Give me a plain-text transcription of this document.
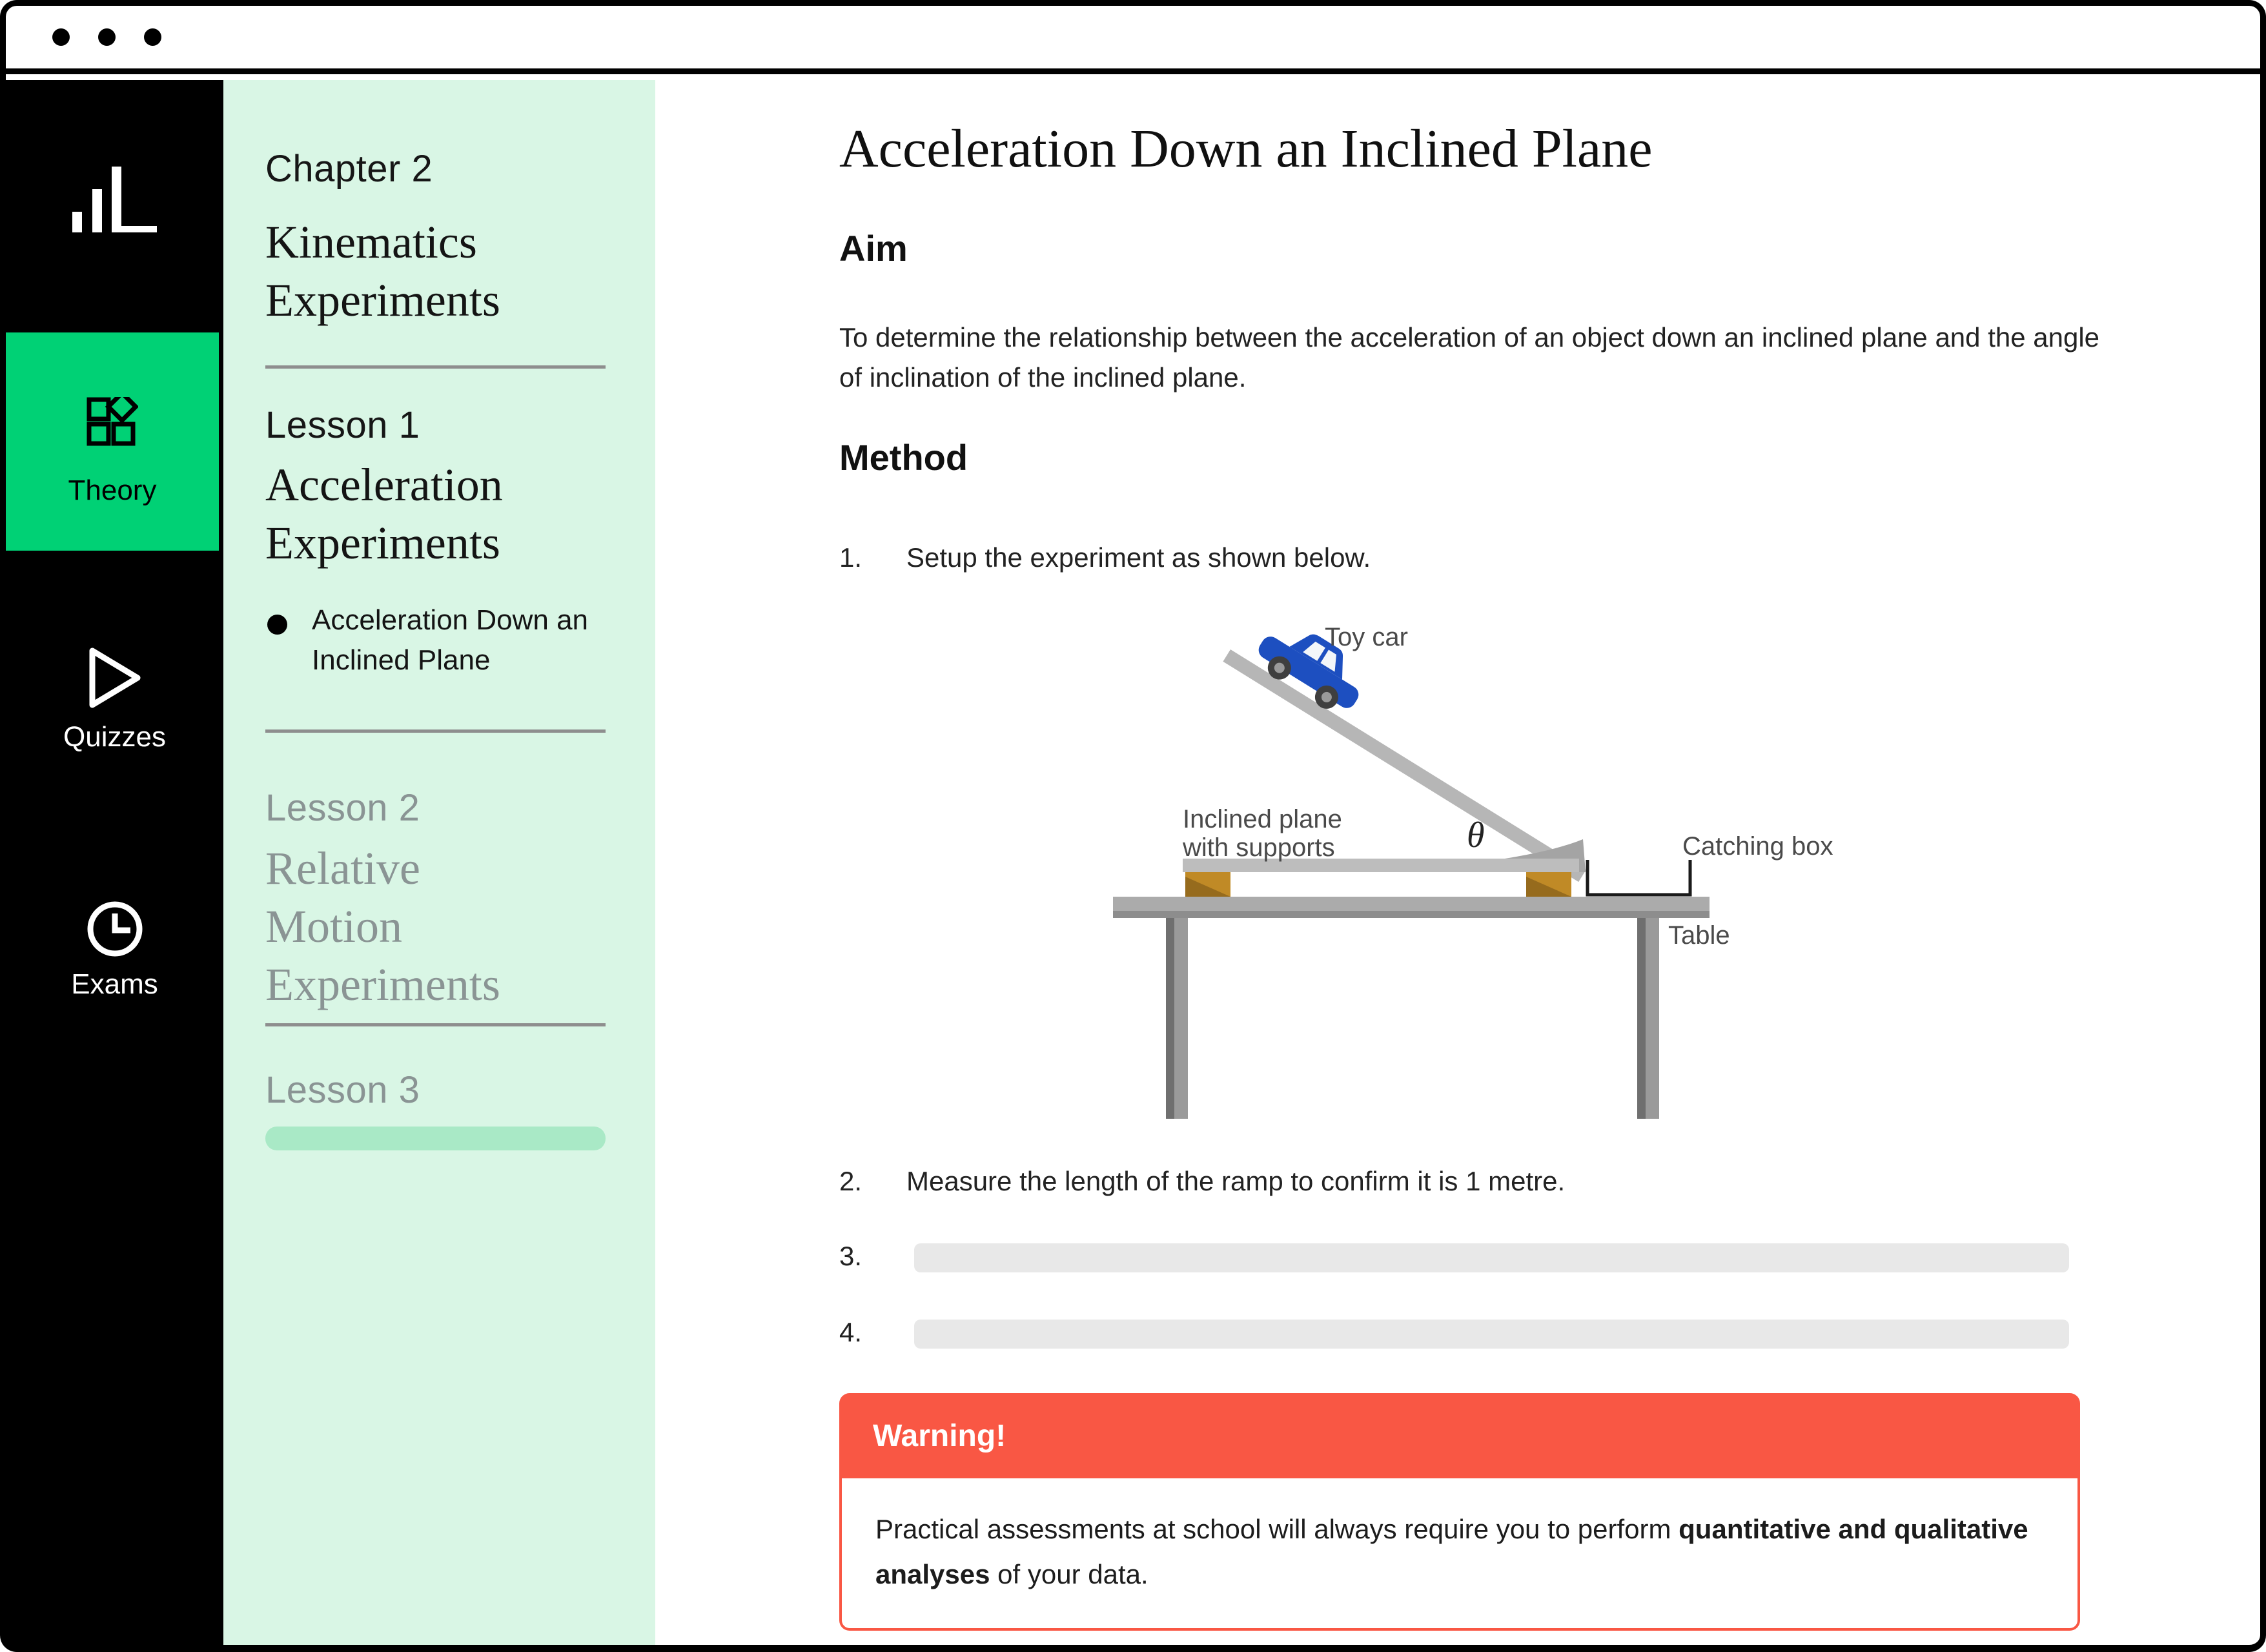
Theory
Quizzes
Exams
Chapter 2
Kinematics Experiments
Lesson 1
Acceleration Experiments
Acceleration Down an Inclined Plane
Lesson 2
Relative Motion Experiments
Lesson 3
Acceleration Down an Inclined Plane
Aim

To determine the relationship between the acceleration of an object down an inclined plane and the angle of inclination of the inclined plane.

Method
1. Setup the experiment as shown below.
Toy car
Inclined plane
with supports	θ	Catching box
Table
2. Measure the length of the ramp to confirm it is 1 metre.
3.
4.
Warning!

Practical assessments at school will always require you to perform quantitative and qualitative analyses of your data.
